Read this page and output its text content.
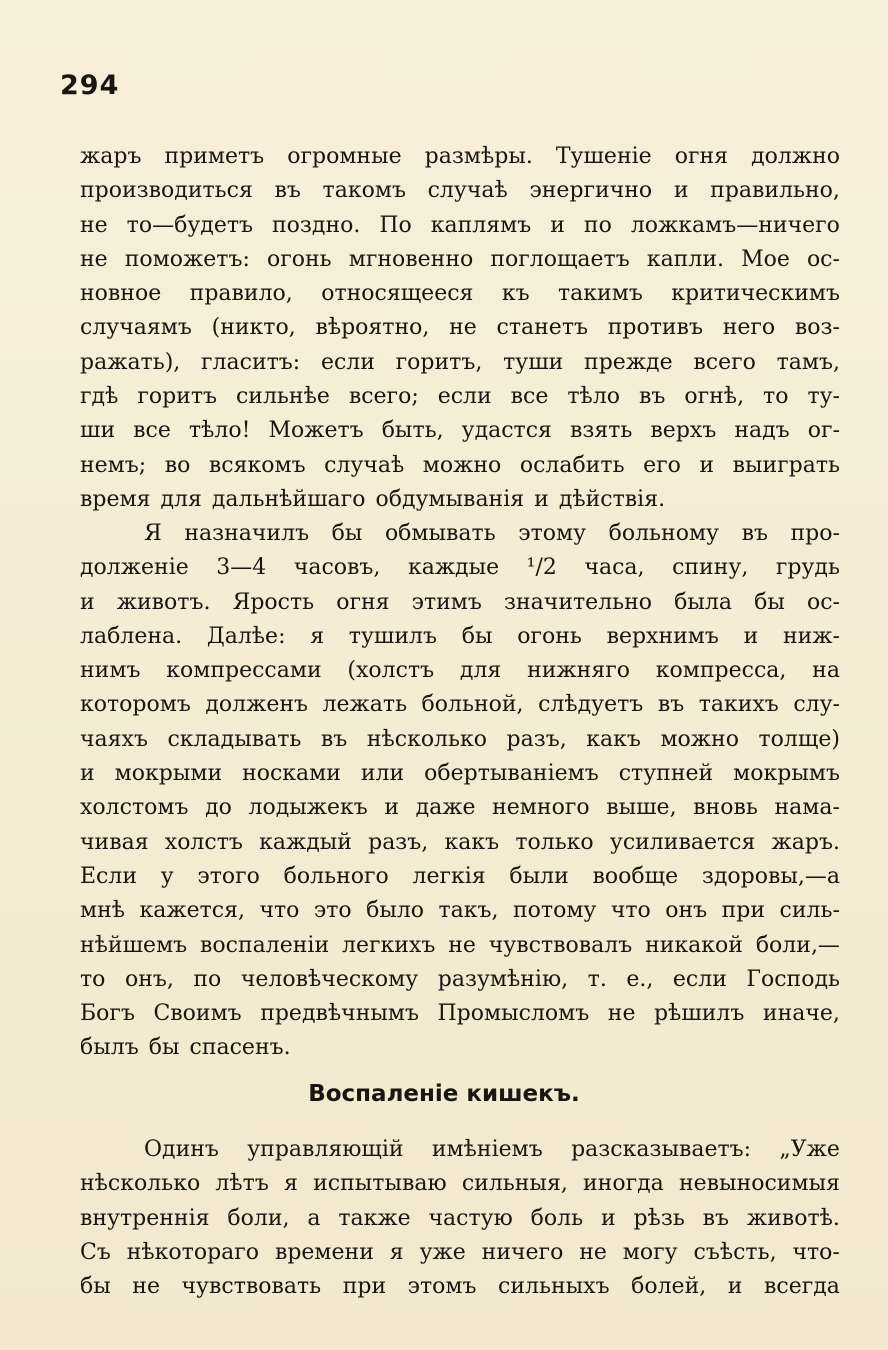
294
жаръ приметъ огромные размѣры. Тушеніе огня должно
производиться въ такомъ случаѣ энергично и правильно,
не то—будетъ поздно. По каплямъ и по ложкамъ—ничего
не поможетъ: огонь мгновенно поглощаетъ капли. Мое ос-
новное правило, относящееся къ такимъ критическимъ
случаямъ (никто, вѣроятно, не станетъ противъ него воз-
ражать), гласитъ: если горитъ, туши прежде всего тамъ,
гдѣ горитъ сильнѣе всего; если все тѣло въ огнѣ, то ту-
ши все тѣло! Можетъ быть, удастся взять верхъ надъ ог-
немъ; во всякомъ случаѣ можно ослабить его и выиграть
время для дальнѣйшаго обдумыванія и дѣйствія.
Я назначилъ бы обмывать этому больному въ про-
долженіе 3—4 часовъ, каждые ¹/2 часа, спину, грудь
и животъ. Ярость огня этимъ значительно была бы ос-
лаблена. Далѣе: я тушилъ бы огонь верхнимъ и ниж-
нимъ компрессами (холстъ для нижняго компресса, на
которомъ долженъ лежать больной, слѣдуетъ въ такихъ слу-
чаяхъ складывать въ нѣсколько разъ, какъ можно толще)
и мокрыми носками или обертываніемъ ступней мокрымъ
холстомъ до лодыжекъ и даже немного выше, вновь нама-
чивая холстъ каждый разъ, какъ только усиливается жаръ.
Если у этого больного легкія были вообще здоровы,—а
мнѣ кажется, что это было такъ, потому что онъ при силь-
нѣйшемъ воспаленіи легкихъ не чувствовалъ никакой боли,—
то онъ, по человѣческому разумѣнію, т. е., если Господь
Богъ Своимъ предвѣчнымъ Промысломъ не рѣшилъ иначе,
былъ бы спасенъ.
Воспаленіе кишекъ.
Одинъ управляющій имѣніемъ разсказываетъ: „Уже
нѣсколько лѣтъ я испытываю сильныя, иногда невыносимыя
внутреннія боли, а также частую боль и рѣзь въ животѣ.
Съ нѣкотораго времени я уже ничего не могу съѣсть, что-
бы не чувствовать при этомъ сильныхъ болей, и всегда
